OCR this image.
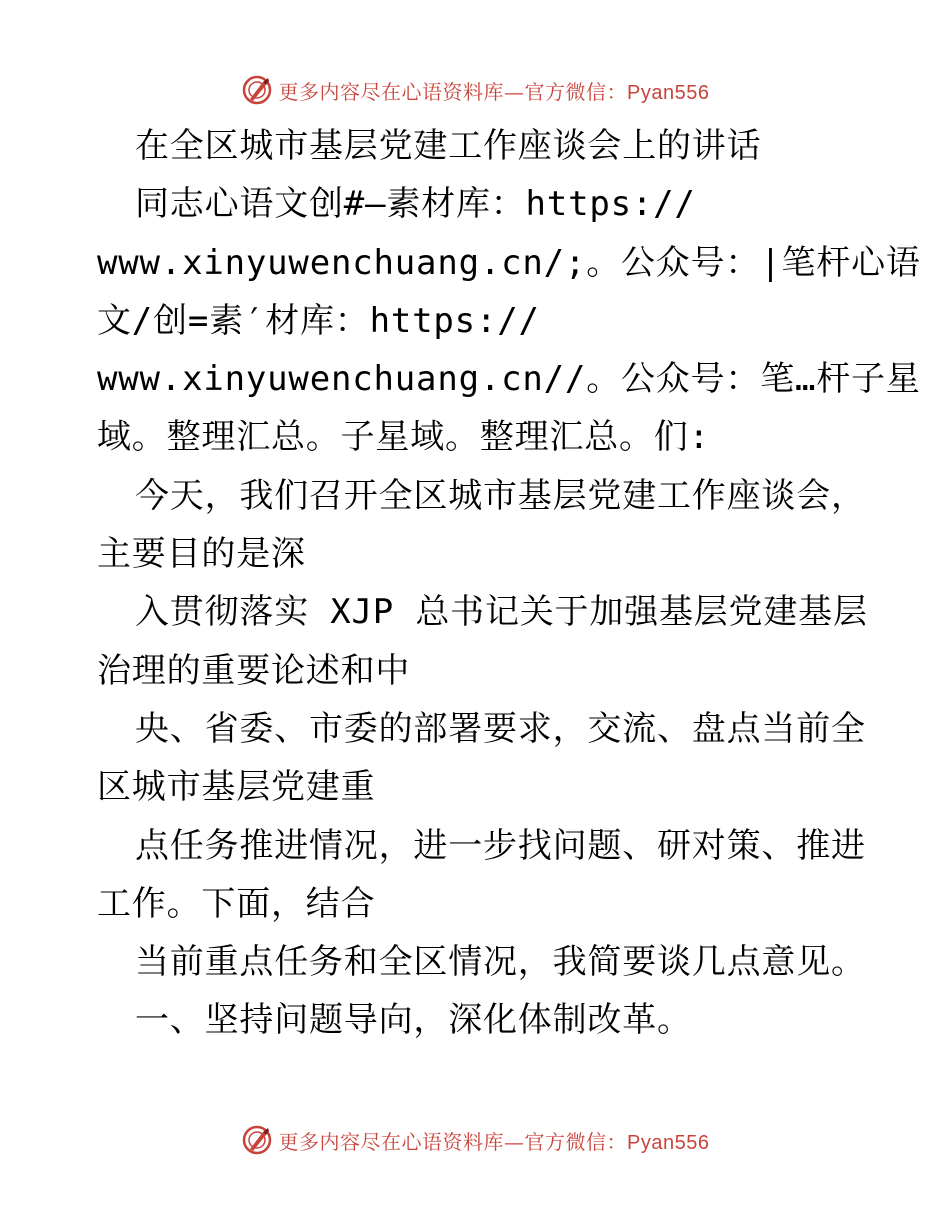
更多内容尽在心语资料库—官方微信：Pyan556
在全区城市基层党建工作座谈会上的讲话
同志心语文创#—素材库：https://
www.xinyuwenchuang.cn/;。公众号：|笔杆心语
文/创=素′材库：https://
www.xinyuwenchuang.cn//。公众号：笔…杆子星
域。整理汇总。子星域。整理汇总。们:
今天，我们召开全区城市基层党建工作座谈会，
主要目的是深
入贯彻落实 XJP 总书记关于加强基层党建基层
治理的重要论述和中
央、省委、市委的部署要求，交流、盘点当前全
区城市基层党建重
点任务推进情况，进一步找问题、研对策、推进
工作。下面，结合
当前重点任务和全区情况，我简要谈几点意见。
一、坚持问题导向，深化体制改革。
更多内容尽在心语资料库—官方微信：Pyan556
